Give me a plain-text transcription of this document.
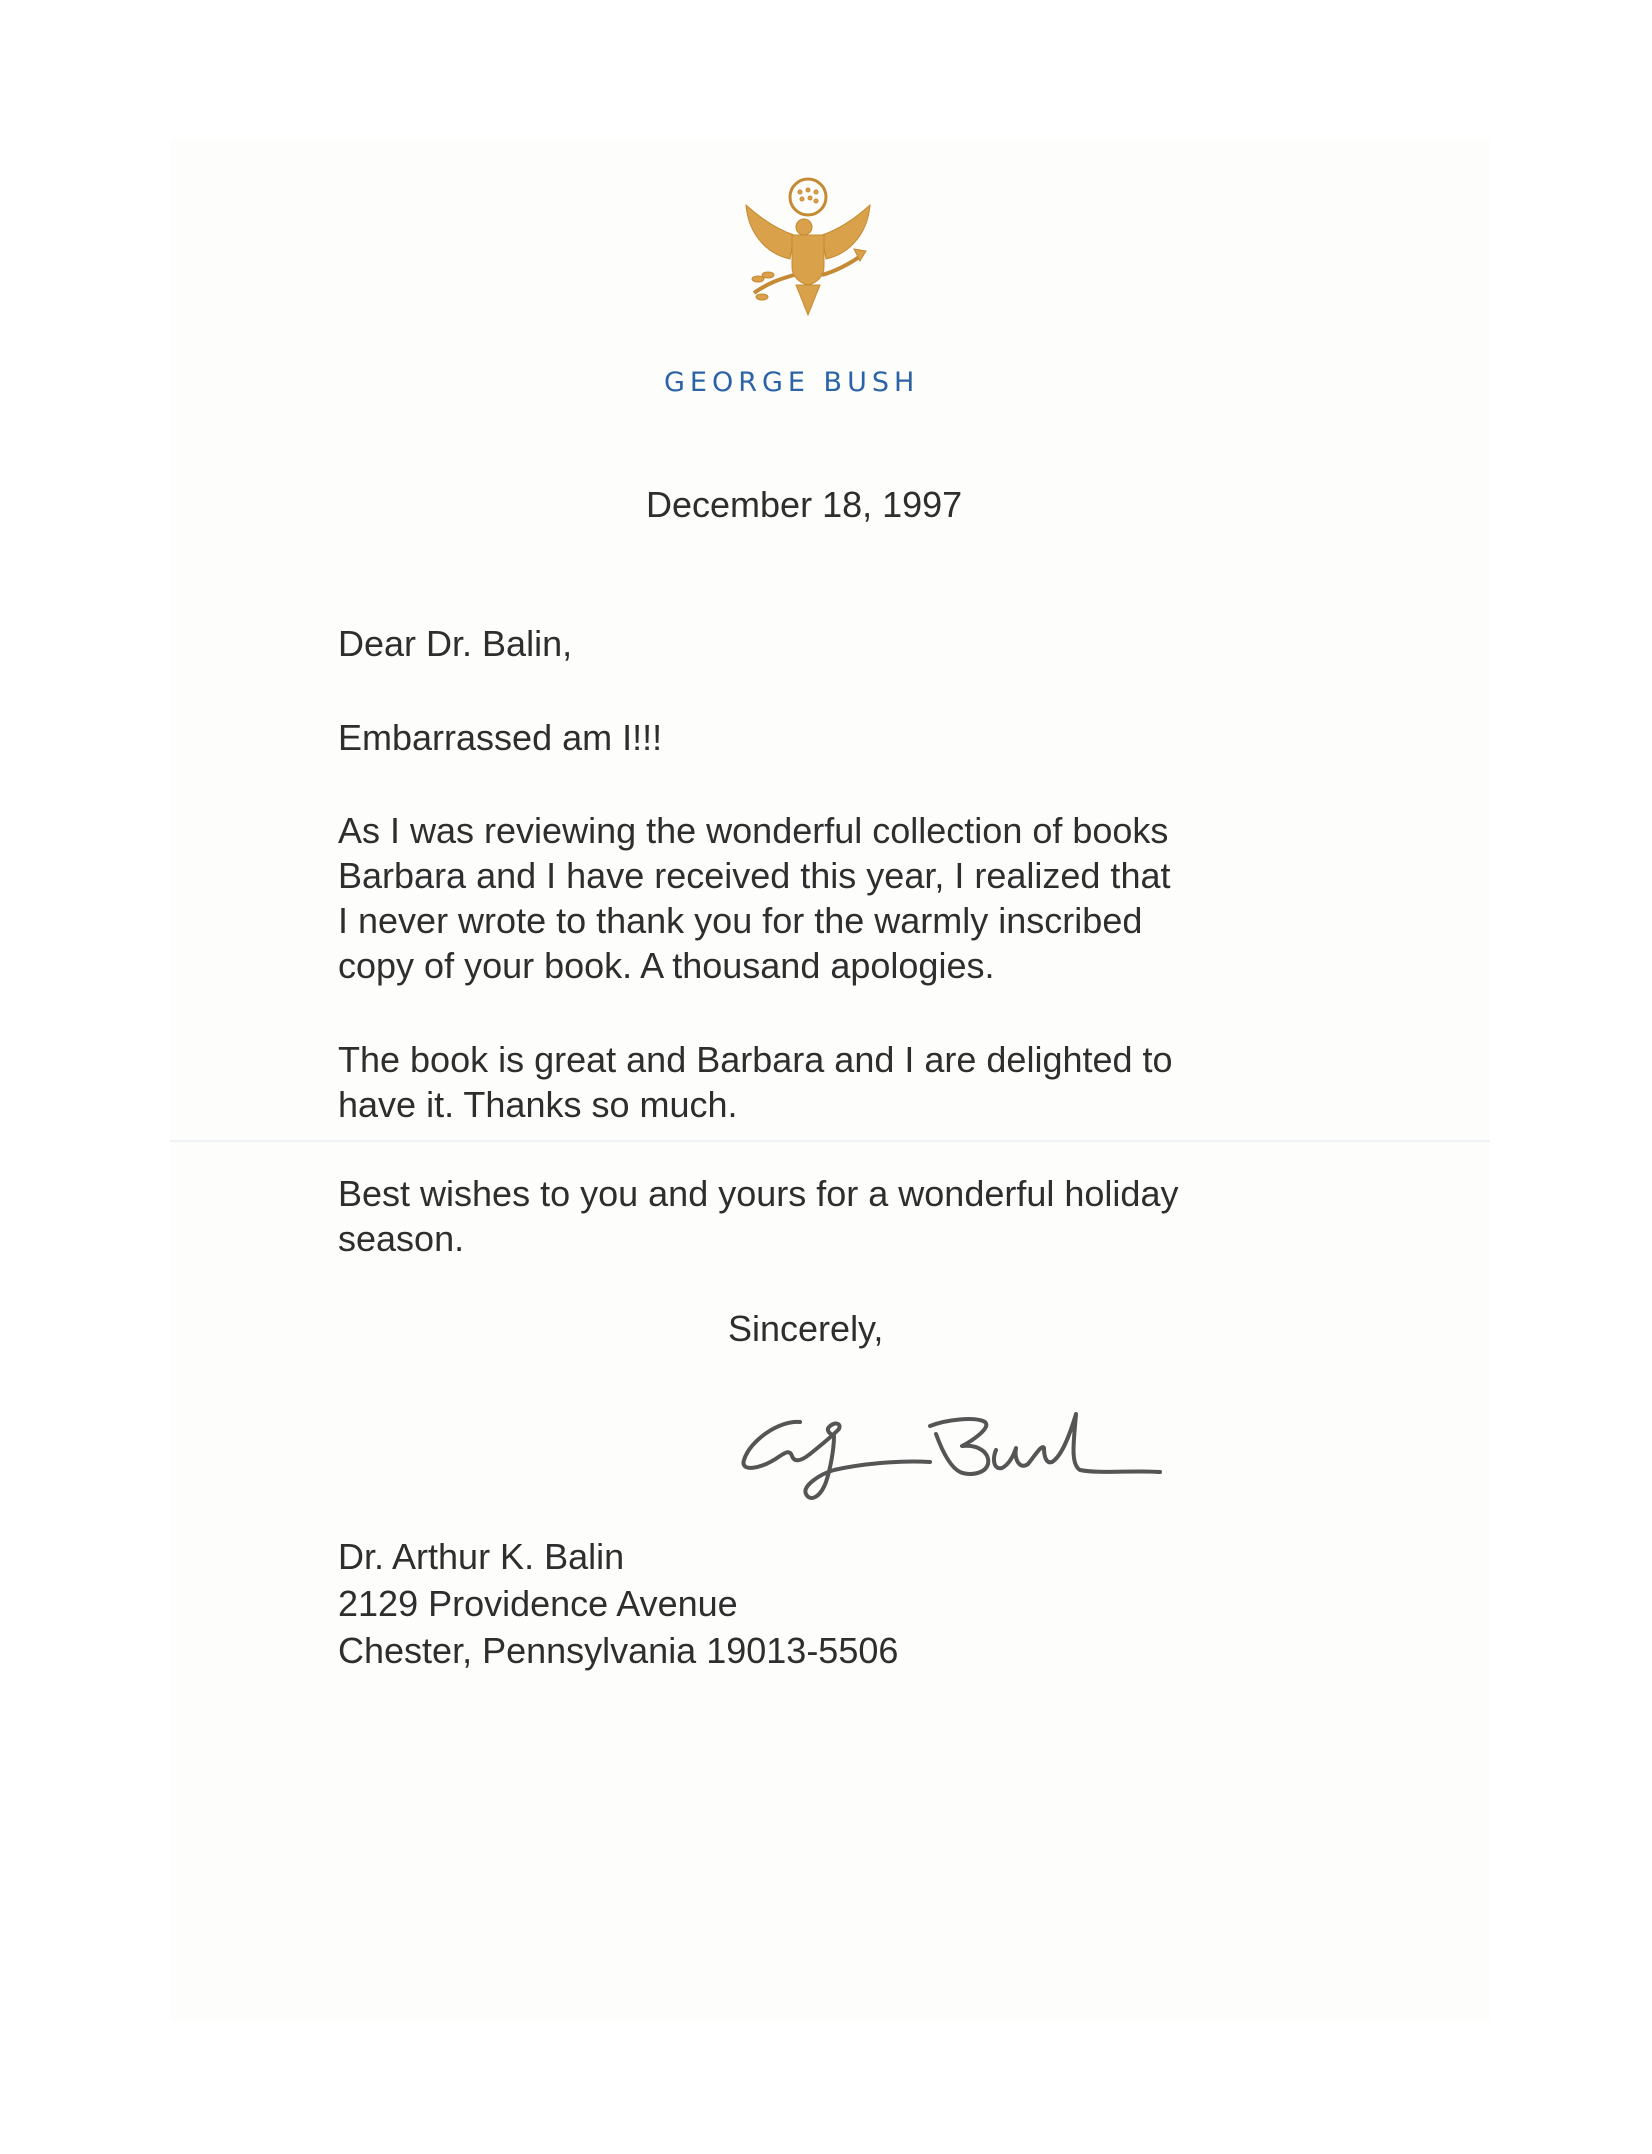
GEORGE BUSH
December 18, 1997
Dear Dr. Balin,
Embarrassed am I!!!
As I was reviewing the wonderful collection of books
Barbara and I have received this year, I realized that
I never wrote to thank you for the warmly inscribed
copy of your book. A thousand apologies.
The book is great and Barbara and I are delighted to
have it. Thanks so much.
Best wishes to you and yours for a wonderful holiday
season.
Sincerely,
Dr. Arthur K. Balin
2129 Providence Avenue
Chester, Pennsylvania 19013-5506
